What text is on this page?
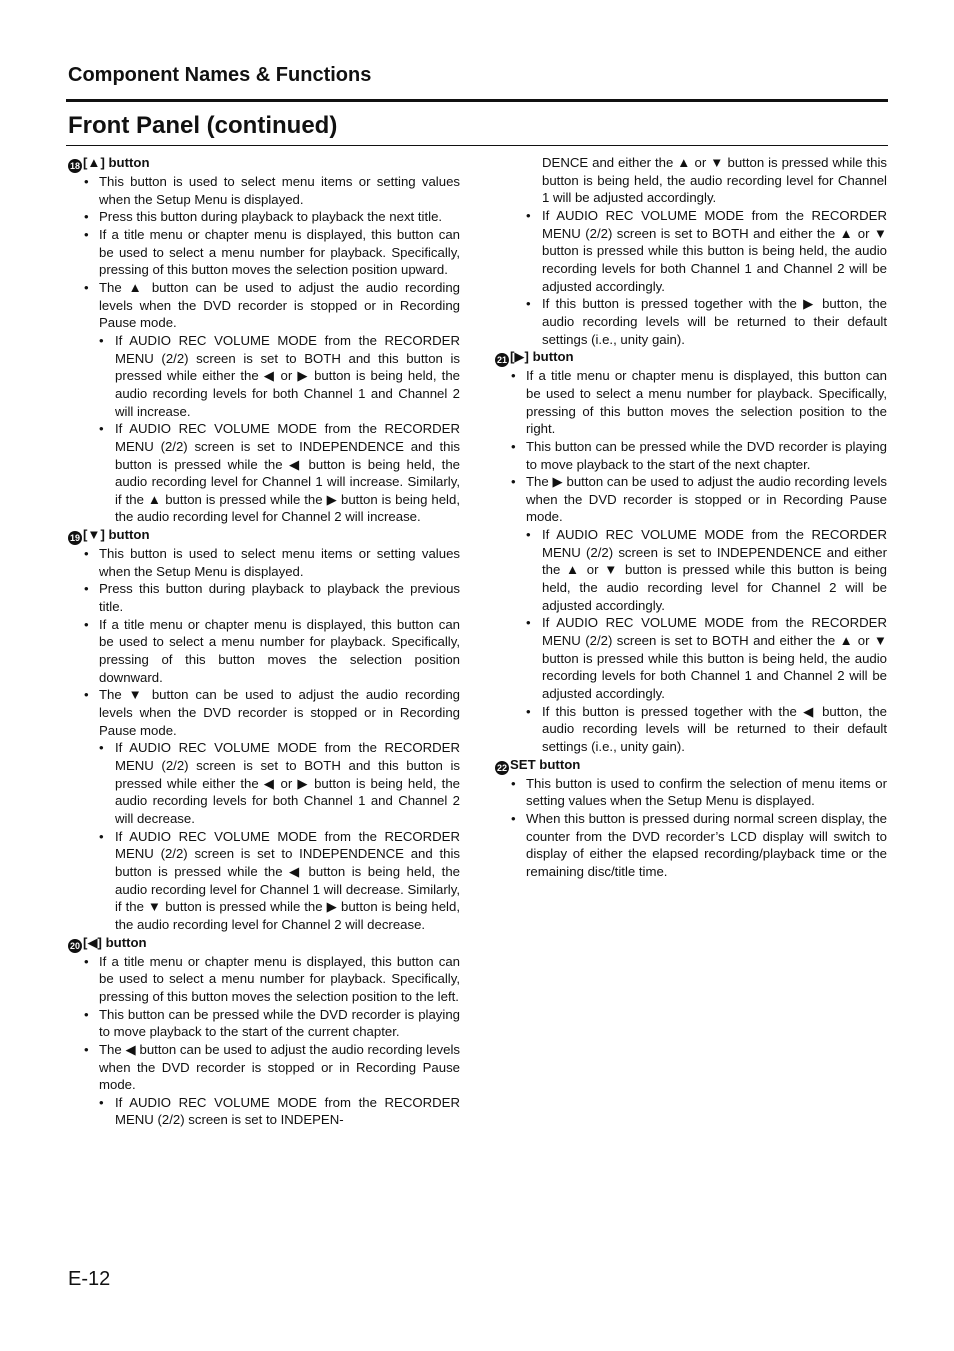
Component Names & Functions
Front Panel (continued)
18 [▲] button
• This button is used to select menu items or setting values when the Setup Menu is displayed.
• Press this button during playback to playback the next title.
• If a title menu or chapter menu is displayed, this button can be used to select a menu number for playback. Specifically, pressing of this button moves the selection position upward.
• The ▲ button can be used to adjust the audio recording levels when the DVD recorder is stopped or in Recording Pause mode.
• If AUDIO REC VOLUME MODE from the RECORDER MENU (2/2) screen is set to BOTH and this button is pressed while either the ◀ or ▶ button is being held, the audio recording levels for both Channel 1 and Channel 2 will increase.
• If AUDIO REC VOLUME MODE from the RECORDER MENU (2/2) screen is set to INDEPENDENCE and this button is pressed while the ◀ button is being held, the audio recording level for Channel 1 will increase. Similarly, if the ▲ button is pressed while the ▶ button is being held, the audio recording level for Channel 2 will increase.
19 [▼] button
• This button is used to select menu items or setting values when the Setup Menu is displayed.
• Press this button during playback to playback the previous title.
• If a title menu or chapter menu is displayed, this button can be used to select a menu number for playback. Specifically, pressing of this button moves the selection position downward.
• The ▼ button can be used to adjust the audio recording levels when the DVD recorder is stopped or in Recording Pause mode.
• If AUDIO REC VOLUME MODE from the RECORDER MENU (2/2) screen is set to BOTH and this button is pressed while either the ◀ or ▶ button is being held, the audio recording levels for both Channel 1 and Channel 2 will decrease.
• If AUDIO REC VOLUME MODE from the RECORDER MENU (2/2) screen is set to INDEPENDENCE and this button is pressed while the ◀ button is being held, the audio recording level for Channel 1 will decrease. Similarly, if the ▼ button is pressed while the ▶ button is being held, the audio recording level for Channel 2 will decrease.
20 [◀] button
• If a title menu or chapter menu is displayed, this button can be used to select a menu number for playback. Specifically, pressing of this button moves the selection position to the left.
• This button can be pressed while the DVD recorder is playing to move playback to the start of the current chapter.
• The ◀ button can be used to adjust the audio recording levels when the DVD recorder is stopped or in Recording Pause mode.
• If AUDIO REC VOLUME MODE from the RECORDER MENU (2/2) screen is set to INDEPEN-
DENCE and either the ▲ or ▼ button is pressed while this button is being held, the audio recording level for Channel 1 will be adjusted accordingly.
• If AUDIO REC VOLUME MODE from the RECORDER MENU (2/2) screen is set to BOTH and either the ▲ or ▼ button is pressed while this button is being held, the audio recording levels for both Channel 1 and Channel 2 will be adjusted accordingly.
• If this button is pressed together with the ▶ button, the audio recording levels will be returned to their default settings (i.e., unity gain).
21 [▶] button
• If a title menu or chapter menu is displayed, this button can be used to select a menu number for playback. Specifically, pressing of this button moves the selection position to the right.
• This button can be pressed while the DVD recorder is playing to move playback to the start of the next chapter.
• The ▶ button can be used to adjust the audio recording levels when the DVD recorder is stopped or in Recording Pause mode.
• If AUDIO REC VOLUME MODE from the RECORDER MENU (2/2) screen is set to INDEPENDENCE and either the ▲ or ▼ button is pressed while this button is being held, the audio recording level for Channel 2 will be adjusted accordingly.
• If AUDIO REC VOLUME MODE from the RECORDER MENU (2/2) screen is set to BOTH and either the ▲ or ▼ button is pressed while this button is being held, the audio recording levels for both Channel 1 and Channel 2 will be adjusted accordingly.
• If this button is pressed together with the ◀ button, the audio recording levels will be returned to their default settings (i.e., unity gain).
22 SET button
• This button is used to confirm the selection of menu items or setting values when the Setup Menu is displayed.
• When this button is pressed during normal screen display, the counter from the DVD recorder’s LCD display will switch to display of either the elapsed recording/playback time or the remaining disc/title time.
E-12
